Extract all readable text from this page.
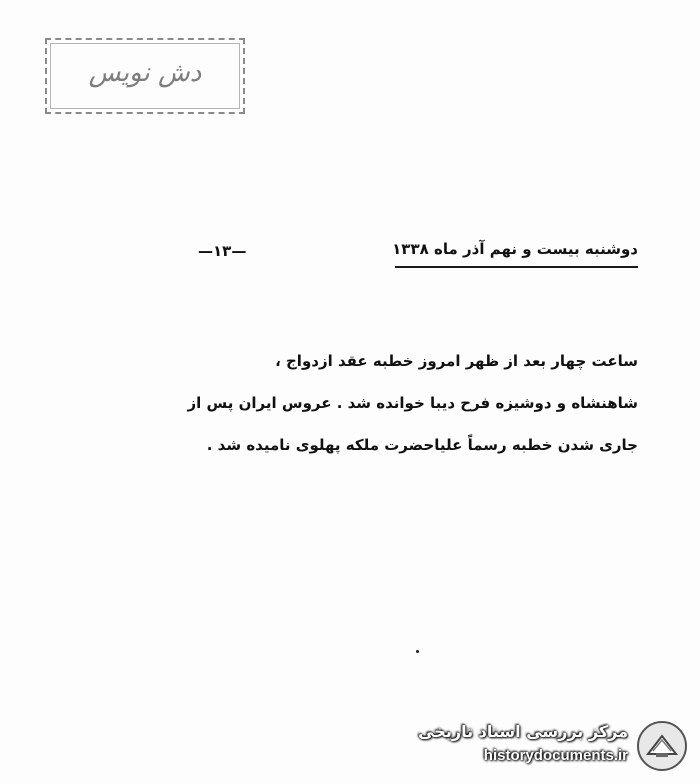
دش نویس
دوشنبه بیست و نهم آذر ماه ۱۳۳۸
—۱۳—
ساعت چهار بعد از ظهر امروز خطبه عقد ازدواج ،
شاهنشاه و دوشیزه فرح دیبا خوانده شد . عروس ایران پس از
جاری شدن خطبه رسماً علیاحضرت ملکه پهلوی نامیده شد .
مرکز بررسی اسناد تاریخی
historydocuments.ir
